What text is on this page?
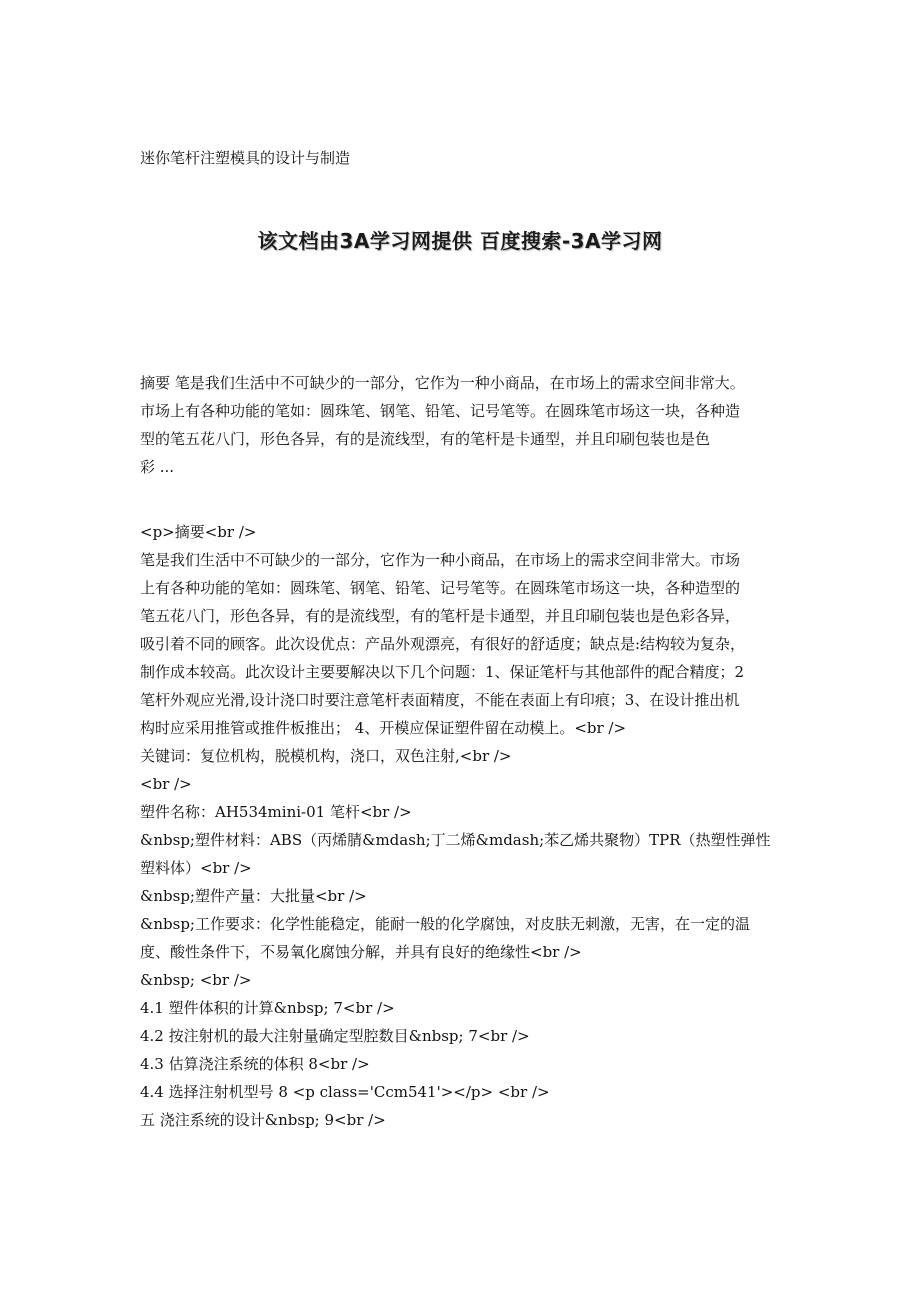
迷你笔杆注塑模具的设计与制造
该文档由3A学习网提供 百度搜索-3A学习网
摘要 笔是我们生活中不可缺少的一部分，它作为一种小商品，在市场上的需求空间非常大。
市场上有各种功能的笔如：圆珠笔、钢笔、铅笔、记号笔等。在圆珠笔市场这一块，各种造
型的笔五花八门，形色各异，有的是流线型，有的笔杆是卡通型，并且印刷包装也是色
彩 ...
<p>摘要<br />
笔是我们生活中不可缺少的一部分，它作为一种小商品，在市场上的需求空间非常大。市场
上有各种功能的笔如：圆珠笔、钢笔、铅笔、记号笔等。在圆珠笔市场这一块，各种造型的
笔五花八门，形色各异，有的是流线型，有的笔杆是卡通型，并且印刷包装也是色彩各异，
吸引着不同的顾客。此次设优点：产品外观漂亮，有很好的舒适度；缺点是:结构较为复杂，
制作成本较高。此次设计主要要解决以下几个问题：1、保证笔杆与其他部件的配合精度；2
笔杆外观应光滑,设计浇口时要注意笔杆表面精度，不能在表面上有印痕；3、在设计推出机
构时应采用推管或推件板推出； 4、开模应保证塑件留在动模上。<br />
关键词：复位机构，脱模机构，浇口，双色注射,<br />
<br />
塑件名称：AH534mini-01 笔杆<br />
&nbsp;塑件材料：ABS（丙烯腈&mdash;丁二烯&mdash;苯乙烯共聚物）TPR（热塑性弹性
塑料体）<br />
&nbsp;塑件产量：大批量<br />
&nbsp;工作要求：化学性能稳定，能耐一般的化学腐蚀，对皮肤无刺激，无害，在一定的温
度、酸性条件下，不易氧化腐蚀分解，并具有良好的绝缘性<br />
&nbsp; <br />
4.1 塑件体积的计算&nbsp; 7<br />
4.2 按注射机的最大注射量确定型腔数目&nbsp; 7<br />
4.3 估算浇注系统的体积 8<br />
4.4 选择注射机型号 8 <p class='Ccm541'></p> <br />
五 浇注系统的设计&nbsp; 9<br />
